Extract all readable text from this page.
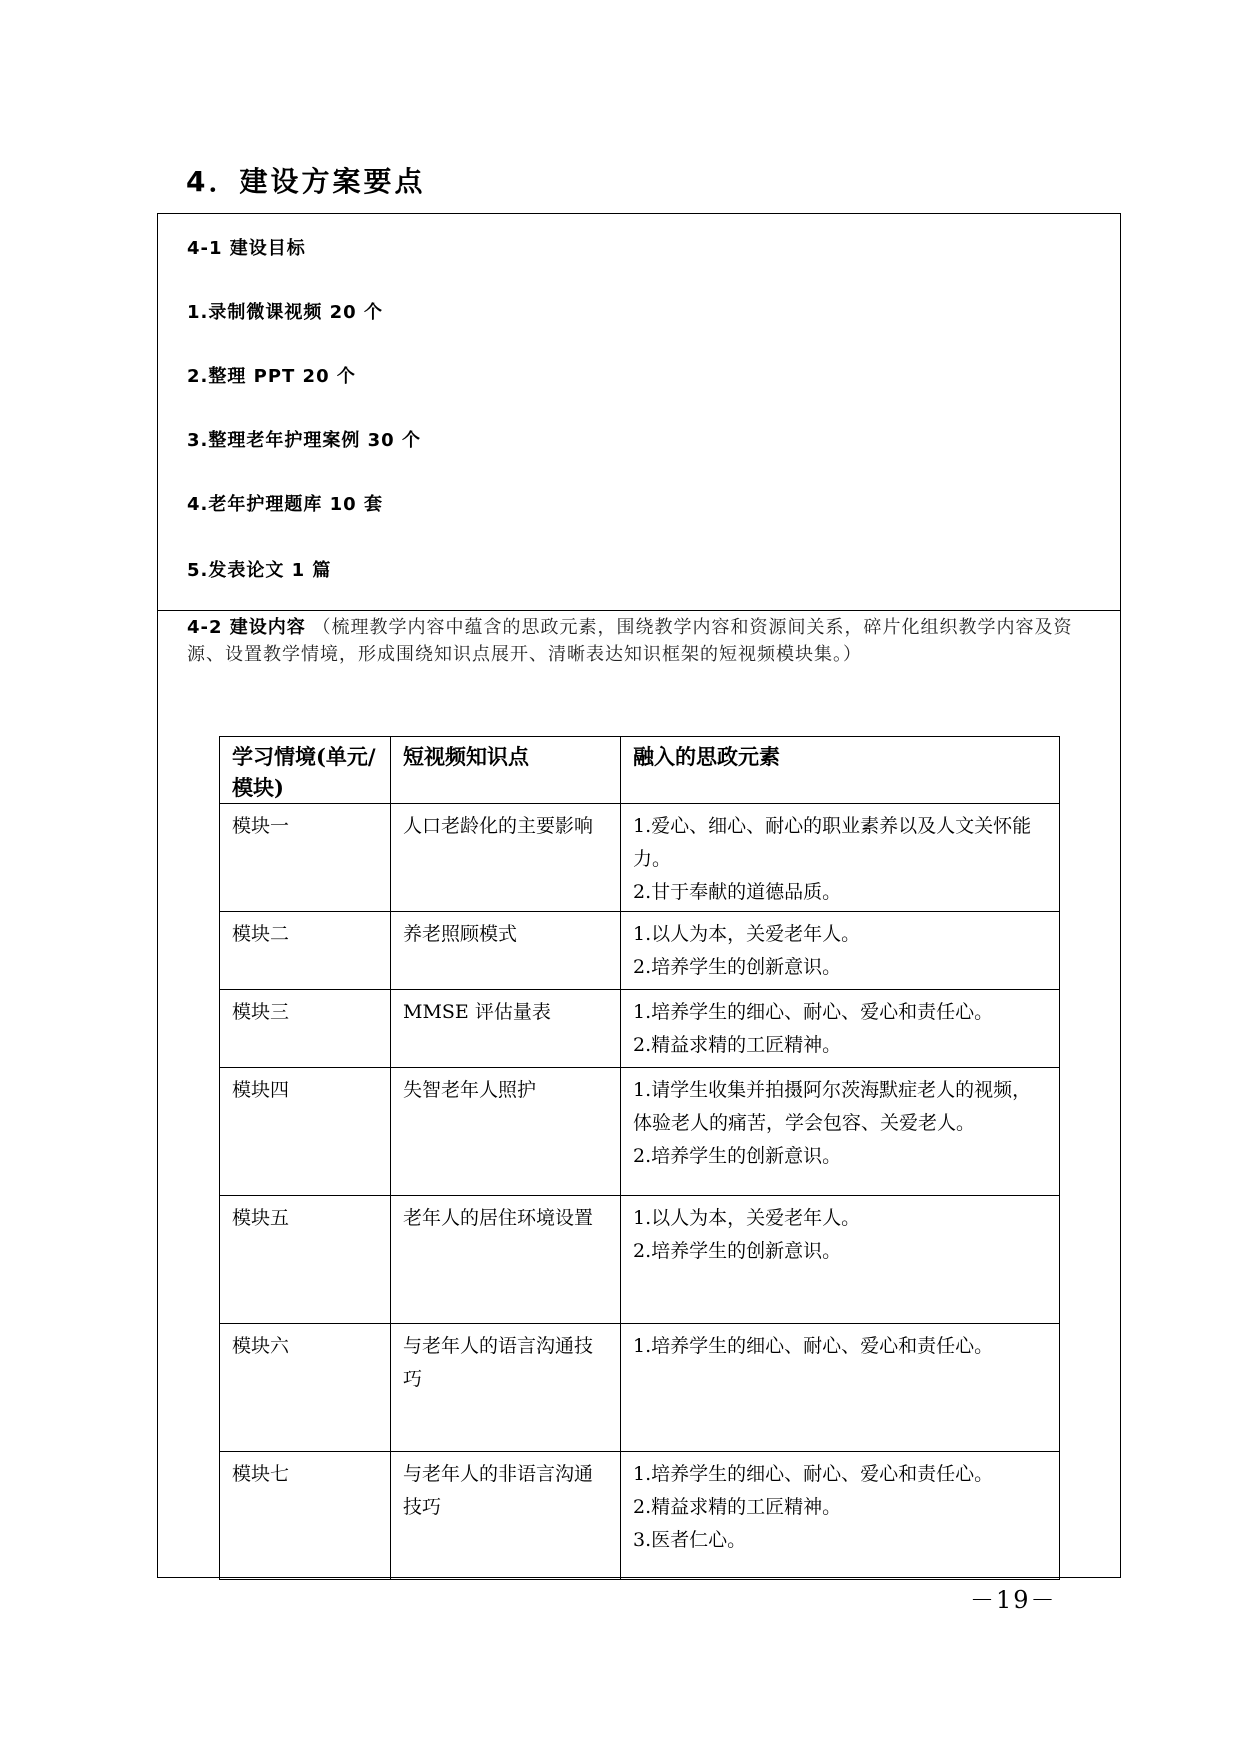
4．建设方案要点
4-1 建设目标
1.录制微课视频 20 个
2.整理 PPT 20 个
3.整理老年护理案例 30 个
4.老年护理题库 10 套
5.发表论文 1 篇
4-2 建设内容 （梳理教学内容中蕴含的思政元素，围绕教学内容和资源间关系，碎片化组织教学内容及资源、设置教学情境，形成围绕知识点展开、清晰表达知识框架的短视频模块集。）
学习情境(单元/模块)	短视频知识点	融入的思政元素
模块一	人口老龄化的主要影响	1.爱心、细心、耐心的职业素养以及人文关怀能力。
2.甘于奉献的道德品质。

模块二	养老照顾模式	1.以人为本，关爱老年人。
2.培养学生的创新意识。

模块三	MMSE 评估量表	1.培养学生的细心、耐心、爱心和责任心。
2.精益求精的工匠精神。

模块四	失智老年人照护	1.请学生收集并拍摄阿尔茨海默症老人的视频，体验老人的痛苦，学会包容、关爱老人。
2.培养学生的创新意识。

模块五	老年人的居住环境设置	1.以人为本，关爱老年人。
2.培养学生的创新意识。

模块六	与老年人的语言沟通技巧	1.培养学生的细心、耐心、爱心和责任心。

模块七	与老年人的非语言沟通技巧	1.培养学生的细心、耐心、爱心和责任心。
2.精益求精的工匠精神。
3.医者仁心。
－19－
